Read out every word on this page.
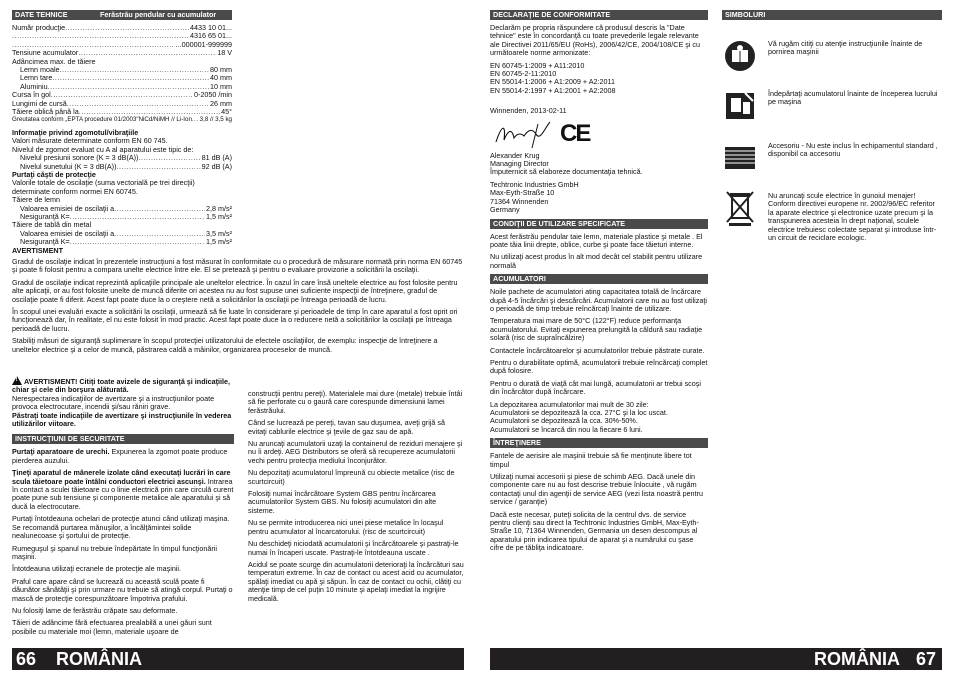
DATE TEHNICE	Ferăstrău pendular cu acumulator	BST 18 X
Număr producţie .....	4433 10 01...
.....
4316 65 01...
.....
...000001-999999
Tensiune acumulator .....	18 V
Adâncimea max. de tăiere
Lemn moale .....	80 mm
Lemn tare .....	40 mm
Aluminiu .....	10 mm
Cursa în gol .....	0-2050 /min
Lungimi de cursă .....	26 mm
Tăiere oblică până la .....	45°
Greutatea conform „EPTA procedure 01/2003"NiCd/NiMH // Li-Ion ..... 3,8 // 3,5 kg
Informaţie privind zgomotul/vibraţiile
Valori măsurate determinate conform EN 60 745.
Nivelul de zgomot evaluat cu A al aparatului este tipic de:
Nivelul presiunii sonore (K = 3 dB(A)) .....	81 dB (A)
Nivelul sunetului (K = 3 dB(A)) .....	92 dB (A)
Purtaţi căşti de protecţie
Valorile totale de oscilaţie (suma vectorială pe trei direcţii)
determinate conform normei EN 60745.
Tăiere de lemn
Valoarea emisiei de oscilaţii a .....	2,8 m/s²
Nesiguranţă K= .....	1,5 m/s²
Tăiere de tablă din metal
Valoarea emisiei de oscilaţii a .....	3,5 m/s²
Nesiguranţă K= .....	1,5 m/s²
AVERTISMENT

Gradul de oscilaţie indicat în prezentele instrucţiuni a fost măsurat în conformitate cu o procedură de măsurare normată prin norma EN 60745 şi poate fi folosit pentru a compara unelte electrice între ele. El se pretează şi pentru o evaluare provizorie a solicitării la oscilaţii.

Gradul de oscilaţie indicat reprezintă aplicaţiile principale ale uneltelor electrice. În cazul în care însă uneltele electrice au fost folosite pentru alte aplicaţii, or au fost folosite unelte de muncă diferite ori acestea nu au fost supuse unei suficiente inspecţii de întreţinere, gradul de oscilaţie poate fi diferit. Acest fapt poate duce la o creştere netă a solicitărilor la oscilaţii pe întreaga perioadă de lucru.

În scopul unei evaluări exacte a solicitării la oscilaţii, urmează să fie luate în considerare şi perioadele de timp în care aparatul a fost oprit ori funcţionează dar, în realitate, el nu este folosit în mod practic. Acest fapt poate duce la o reducere netă a solicitărilor la oscilaţii pe întreaga perioadă de lucru.

Stabiliţi măsuri de siguranţă suplimenare în scopul protecţiei utilizatorului de efectele oscilaţiilor, de exemplu: inspecţie de întreţinere a uneltelor electrice şi a celor de muncă, păstrarea caldă a mâinilor, organizarea proceselor de muncă.

!AVERTISMENT! Citiţi toate avizele de siguranţă şi indicaţiile, chiar şi cele din borşura alăturată.
Nerespectarea indicaţiilor de avertizare şi a instrucţiunilor poate provoca electrocutare, incendii şi/sau răniri grave.
Păstraţi toate indicaţiile de avertizare şi instrucţiunile în vederea utilizărilor viitoare.
INSTRUCŢIUNI DE SECURITATE

Purtaţi aparatoare de urechi. Expunerea la zgomot poate produce pierderea auzului.

Ţineţi aparatul de mânerele izolate când executaţi lucrări în care scula tăietoare poate întâlni conductori electrici ascunşi. Intrarea în contact a sculei tăietoare cu o linie electrică prin care circulă curent poate pune sub tensiune şi componente metalice ale aparatului şi să ducă la electrocutare.

Purtaţi întotdeauna ochelari de protecţie atunci când utilizaţi maşina. Se recomandă purtarea mănuşilor, a încălţămintei solide nealunecoase şi şortului de protecţie.

Rumeguşul şi spanul nu trebuie îndepărtate în timpul funcţionării maşinii.

Întotdeauna utilizaţi ecranele de protecţie ale maşinii.

Praful care apare când se lucrează cu această sculă poate fi dăunător sănătăţii şi prin urmare nu trebuie să atingă corpul. Purtaţi o mască de protecţie corespunzătoare împotriva prafului.

Nu folosiţi lame de ferăstrău crăpate sau deformate.

Tăieri de adâncime fără efectuarea prealabilă a unei găuri sunt posibile cu materiale moi (lemn, materiale uşoare de

construcţii pentru pereţi). Materialele mai dure (metale) trebuie întâi să fie perforate cu o gaură care corespunde dimensiunii lamei ferăstrăului.

Când se lucrează pe pereţi, tavan sau duşumea, aveţi grijă să evitaţi cablurile electrice şi ţevile de gaz sau de apă.

Nu aruncaţi acumulatorii uzaţi la containerul de reziduri menajere şi nu îi ardeţi. AEG Distributors se oferă să recupereze acumulatorii vechi pentru protecţia mediului înconjurător.

Nu depozitaţi acumulatorul împreună cu obiecte metalice (risc de scurtcircuit)

Folosiţi numai încărcătoare System GBS pentru încărcarea acumulatorilor System GBS. Nu folosiţi acumulatori din alte sisteme.

Nu se permite introducerea nici unei piese metalice în locaşul pentru acumulator al încarcatorului. (risc de scurtcircuit)

Nu deschideţi niciodată acumulatorii şi încărcătoarele şi pastraţi-le numai în încaperi uscate. Pastraţi-le întotdeauna uscate .

Acidul se poate scurge din acumulatorii deterioraţi la încărcături sau temperaturi extreme. În caz de contact cu acest acid cu acumulator, spălaţi imediat cu apă şi săpun. În caz de contact cu ochii, clătiţi cu atenţie timp de cel puţin 10 minute şi apelaţi imediat la ingrijire medicală.

DECLARAŢIE DE CONFORMITATE

Declarăm pe propria răspundere că produsul descris la "Date tehnice" este în concordanţă cu toate prevederile legale relevante ale Directivei 2011/65/EU (RoHs), 2006/42/CE, 2004/108/CE şi cu următoarele norme armonizate:

EN 60745-1:2009 + A11:2010
EN 60745-2-11:2010
EN 55014-1:2006 + A1:2009 + A2:2011
EN 55014-2:1997 + A1:2001 + A2:2008
Winnenden, 2013-02-11
CE
Alexander Krug
Managing Director
Împuternicit să elaboreze documentaţia tehnică.
Techtronic Industries GmbH
Max-Eyth-Straße 10
71364 Winnenden
Germany
CONDIŢII DE UTILIZARE SPECIFICATE

Acest ferăstrău pendular taie lemn, materiale plastice şi metale . El poate tăia linii drepte, oblice, curbe şi poate face tăieturi interne.

Nu utilizaţi acest produs în alt mod decât cel stabilit pentru utilizare normală

ACUMULATORI

Noile pachete de acumulatori ating capacitatea totală de încărcare după 4-5 încărcări şi descărcări. Acumulatorii care nu au fost utilizaţi o perioadă de timp trebuie reîncărcaţi înainte de utilizare.

Temperatura mai mare de 50°C (122°F) reduce performanţa acumulatorului. Evitaţi expunerea prelungită la căldură sau radiaţie solară (risc de supraîncălzire)

Contactele încărcătoarelor şi acumulatorilor trebuie păstrate curate.

Pentru o durabilitate optimă, acumulatorii trebuie reîncărcaţi complet după folosire.

Pentru o durată de viaţă cât mai lungă, acumulatorii ar trebui scoşi din încărcător după încărcare.

La depozitarea acumulatorilor mai mult de 30 zile:
Acumulatorii se depozitează la cca. 27°C şi la loc uscat.
Acumulatorii se depozitează la cca. 30%-50%.
Acumulatorii se încarcă din nou la fiecare 6 luni.

ÎNTREŢINERE

Fantele de aerisire ale maşinii trebuie să fie menţinute libere tot timpul

Utilizaţi numai accesorii şi piese de schimb AEG. Dacă unele din componente care nu au fost descrise trebuie înlocuite , vă rugăm contactaţi unul din agenţii de service AEG (vezi lista noastră pentru service / garanţie)

Dacă este necesar, puteţi solicita de la centrul dvs. de service pentru clienţi sau direct la Techtronic Industries GmbH, Max-Eyth-Straße 10, 71364 Winnenden, Germania un desen descompus al aparatului prin indicarea tipului de aparat şi a numărului cu şase cifre de pe tăbliţa indicatoare.

SIMBOLURI
Vă rugăm citiţi cu atenţie instrucţiunile înainte de pornirea maşinii
Îndepărtaţi acumulatorul înainte de începerea lucrului pe maşina
Accesoriu - Nu este inclus în echipamentul standard , disponibil ca accesoriu
Nu aruncaţi scule electrice în gunoiul menajer! Conform directivei europene nr. 2002/96/EC referitor la aparate electrice şi electronice uzate precum şi la transpunerea acesteia în drept naţional, sculele electrice trebuiesc colectate separat şi introduse într-un circuit de reciclare ecologic.
66 ROMÂNIA	ROMÂNIA 67
